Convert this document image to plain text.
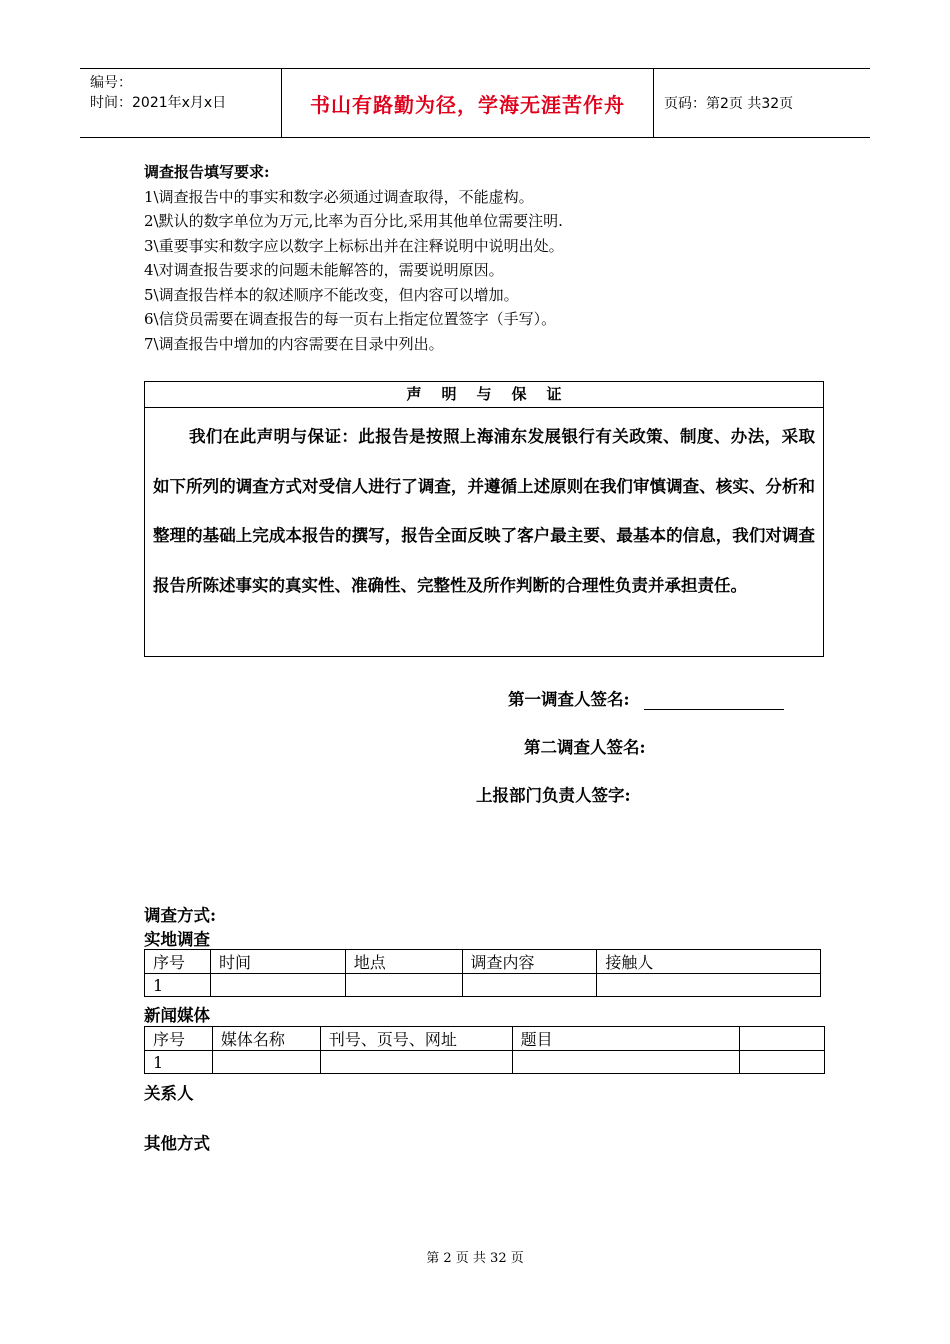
编号：
时间：2021年x月x日	书山有路勤为径，学海无涯苦作舟	页码：第2页 共32页
调查报告填写要求:
1\调查报告中的事实和数字必须通过调查取得，不能虚构。
2\默认的数字单位为万元,比率为百分比,采用其他单位需要注明.
3\重要事实和数字应以数字上标标出并在注释说明中说明出处。
4\对调查报告要求的问题未能解答的，需要说明原因。
5\调查报告样本的叙述顺序不能改变，但内容可以增加。
6\信贷员需要在调查报告的每一页右上指定位置签字（手写）。
7\调查报告中增加的内容需要在目录中列出。
声明与保证
我们在此声明与保证：此报告是按照上海浦东发展银行有关政策、制度、办法，采取如下所列的调查方式对受信人进行了调查，并遵循上述原则在我们审慎调查、核实、分析和整理的基础上完成本报告的撰写，报告全面反映了客户最主要、最基本的信息，我们对调查报告所陈述事实的真实性、准确性、完整性及所作判断的合理性负责并承担责任。
第一调查人签名:
第二调查人签名:
上报部门负责人签字:
调查方式:
实地调查
序号	时间	地点	调查内容	接触人
1				
新闻媒体
序号	媒体名称	刊号、页号、网址	题目	
1				
关系人
其他方式
第 2 页 共 32 页
